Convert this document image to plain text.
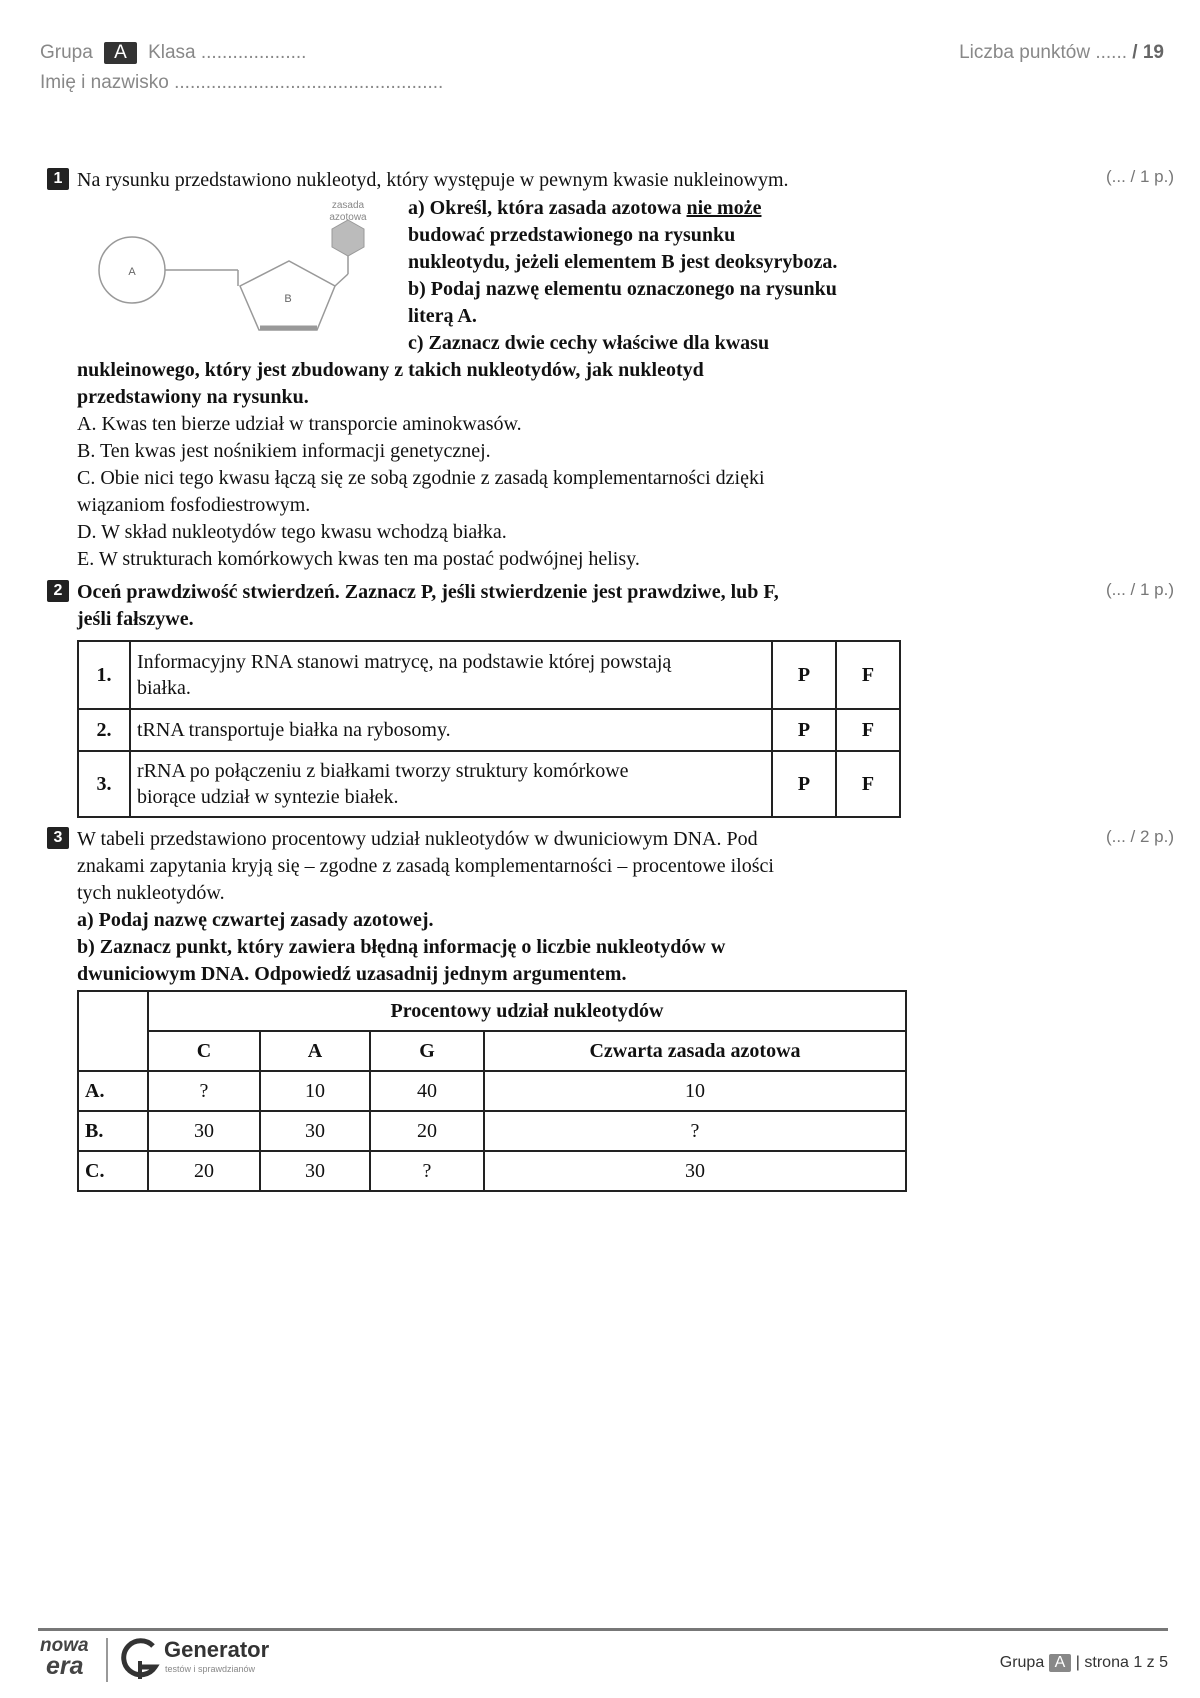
Grupa A Klasa ....................
Imię i nazwisko ...................................................
Liczba punktów ...... / 19
1	(... / 1 p.)
Na rysunku przedstawiono nukleotyd, który występuje w pewnym kwasie nukleinowym.
A
B
zasada
azotowa a) Określ, która zasada azotowa nie może
budować przedstawionego na rysunku
nukleotydu, jeżeli elementem B jest deoksyryboza.
b) Podaj nazwę elementu oznaczonego na rysunku
literą A.
c) Zaznacz dwie cechy właściwe dla kwasu
nukleinowego, który jest zbudowany z takich nukleotydów, jak nukleotyd
przedstawiony na rysunku.
A. Kwas ten bierze udział w transporcie aminokwasów.
B. Ten kwas jest nośnikiem informacji genetycznej.
C. Obie nici tego kwasu łączą się ze sobą zgodnie z zasadą komplementarności dzięki
wiązaniom fosfodiestrowym.
D. W skład nukleotydów tego kwasu wchodzą białka.
E. W strukturach komórkowych kwas ten ma postać podwójnej helisy.
2	(... / 1 p.)
Oceń prawdziwość stwierdzeń. Zaznacz P, jeśli stwierdzenie jest prawdziwe, lub F,
jeśli fałszywe.
1.	Informacyjny RNA stanowi matrycę, na podstawie której powstają
białka.	P	F
2.	tRNA transportuje białka na rybosomy.	P	F
3.	rRNA po połączeniu z białkami tworzy struktury komórkowe
biorące udział w syntezie białek.	P	F
3	(... / 2 p.)
W tabeli przedstawiono procentowy udział nukleotydów w dwuniciowym DNA. Pod
znakami zapytania kryją się – zgodne z zasadą komplementarności – procentowe ilości
tych nukleotydów.
a) Podaj nazwę czwartej zasady azotowej.
b) Zaznacz punkt, który zawiera błędną informację o liczbie nukleotydów w
dwuniciowym DNA. Odpowiedź uzasadnij jednym argumentem.
	Procentowy udział nukleotydów			
	C	A	G	Czwarta zasada azotowa
A.	?	10	40	10
B.	30	30	20	?
C.	20	30	?	30
nowa
era
Generator
testów i sprawdzianów	Grupa A | strona 1 z 5
